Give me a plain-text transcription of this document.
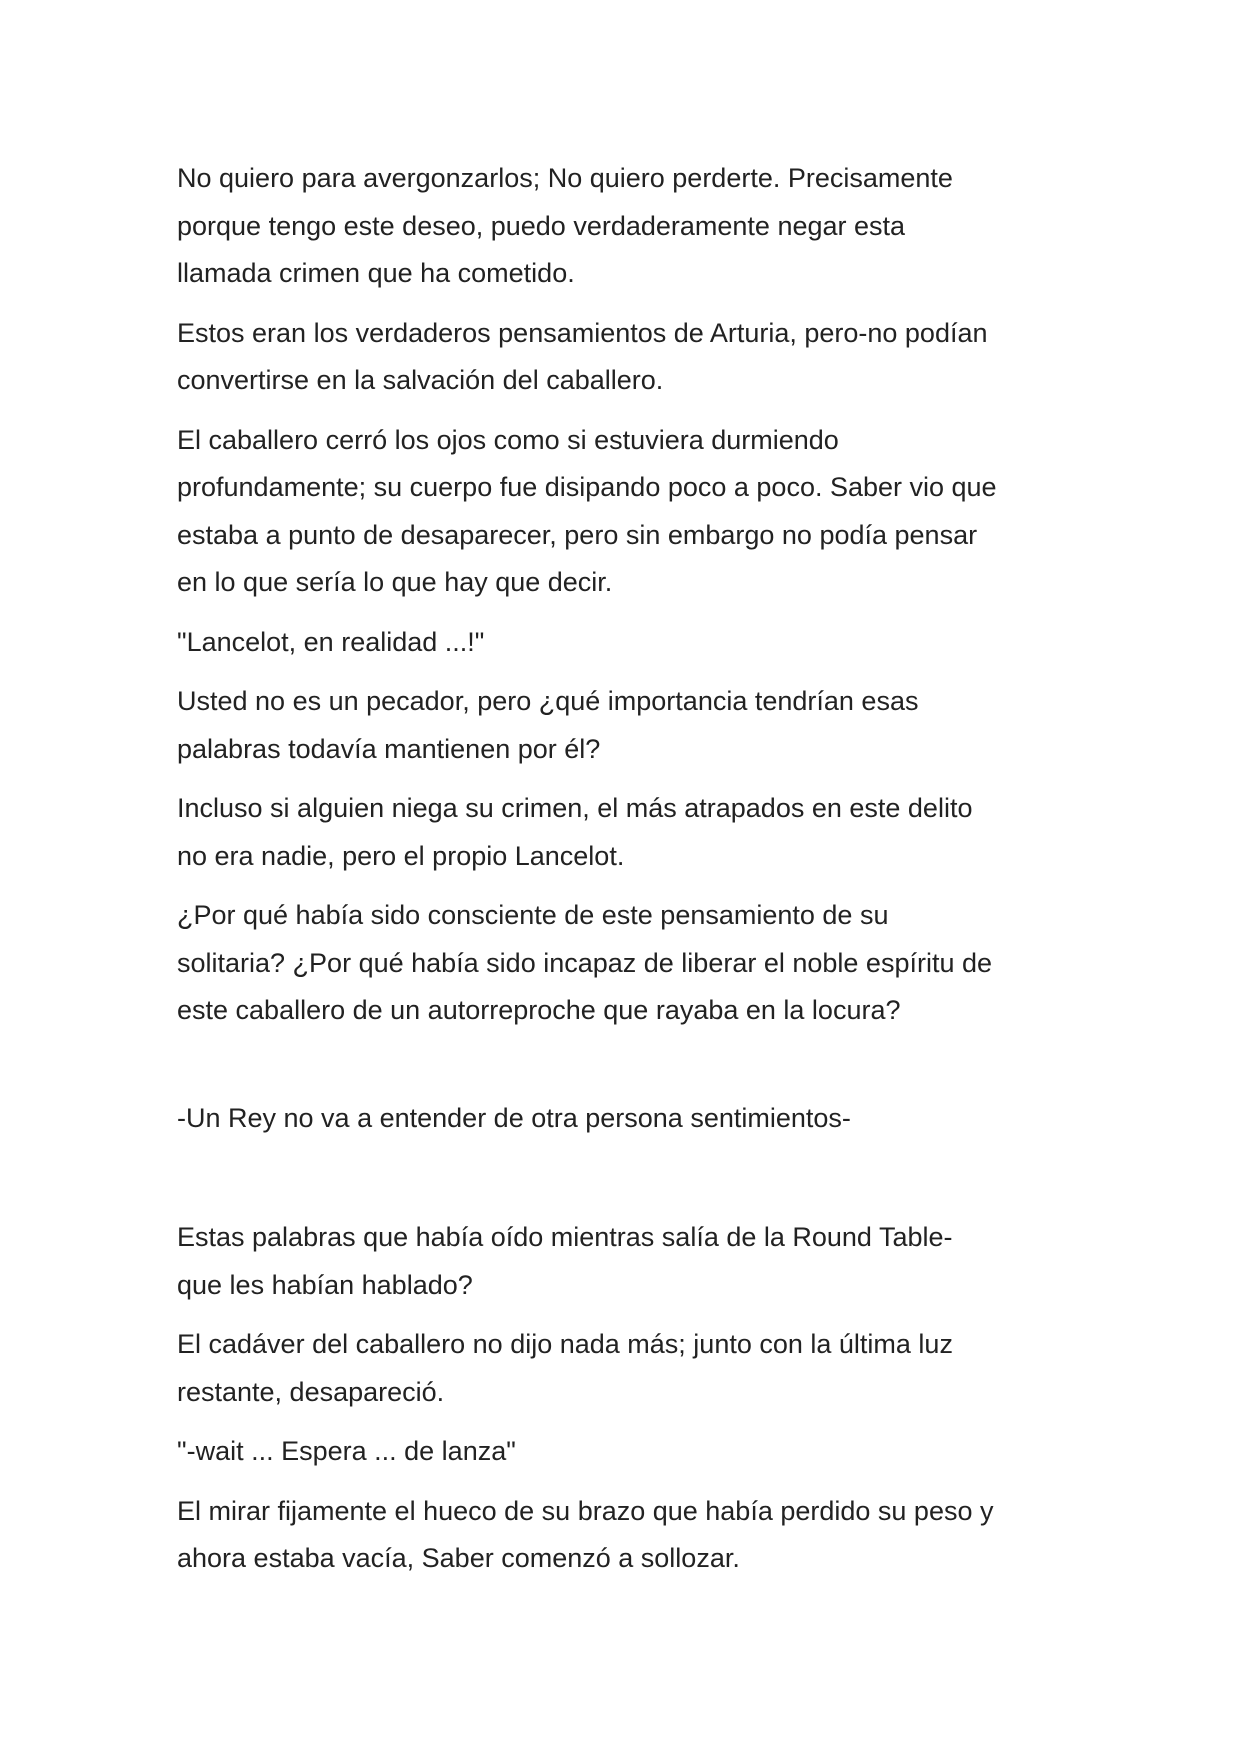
No quiero para avergonzarlos; No quiero perderte. Precisamente
porque tengo este deseo, puedo verdaderamente negar esta
llamada crimen que ha cometido.

Estos eran los verdaderos pensamientos de Arturia, pero-no podían
convertirse en la salvación del caballero.

El caballero cerró los ojos como si estuviera durmiendo
profundamente; su cuerpo fue disipando poco a poco. Saber vio que
estaba a punto de desaparecer, pero sin embargo no podía pensar
en lo que sería lo que hay que decir.

"Lancelot, en realidad ...!"

Usted no es un pecador, pero ¿qué importancia tendrían esas
palabras todavía mantienen por él?

Incluso si alguien niega su crimen, el más atrapados en este delito
no era nadie, pero el propio Lancelot.

¿Por qué había sido consciente de este pensamiento de su
solitaria? ¿Por qué había sido incapaz de liberar el noble espíritu de
este caballero de un autorreproche que rayaba en la locura?

-Un Rey no va a entender de otra persona sentimientos-

Estas palabras que había oído mientras salía de la Round Table-
que les habían hablado?

El cadáver del caballero no dijo nada más; junto con la última luz
restante, desapareció.

"-wait ... Espera ... de lanza"

El mirar fijamente el hueco de su brazo que había perdido su peso y
ahora estaba vacía, Saber comenzó a sollozar.
